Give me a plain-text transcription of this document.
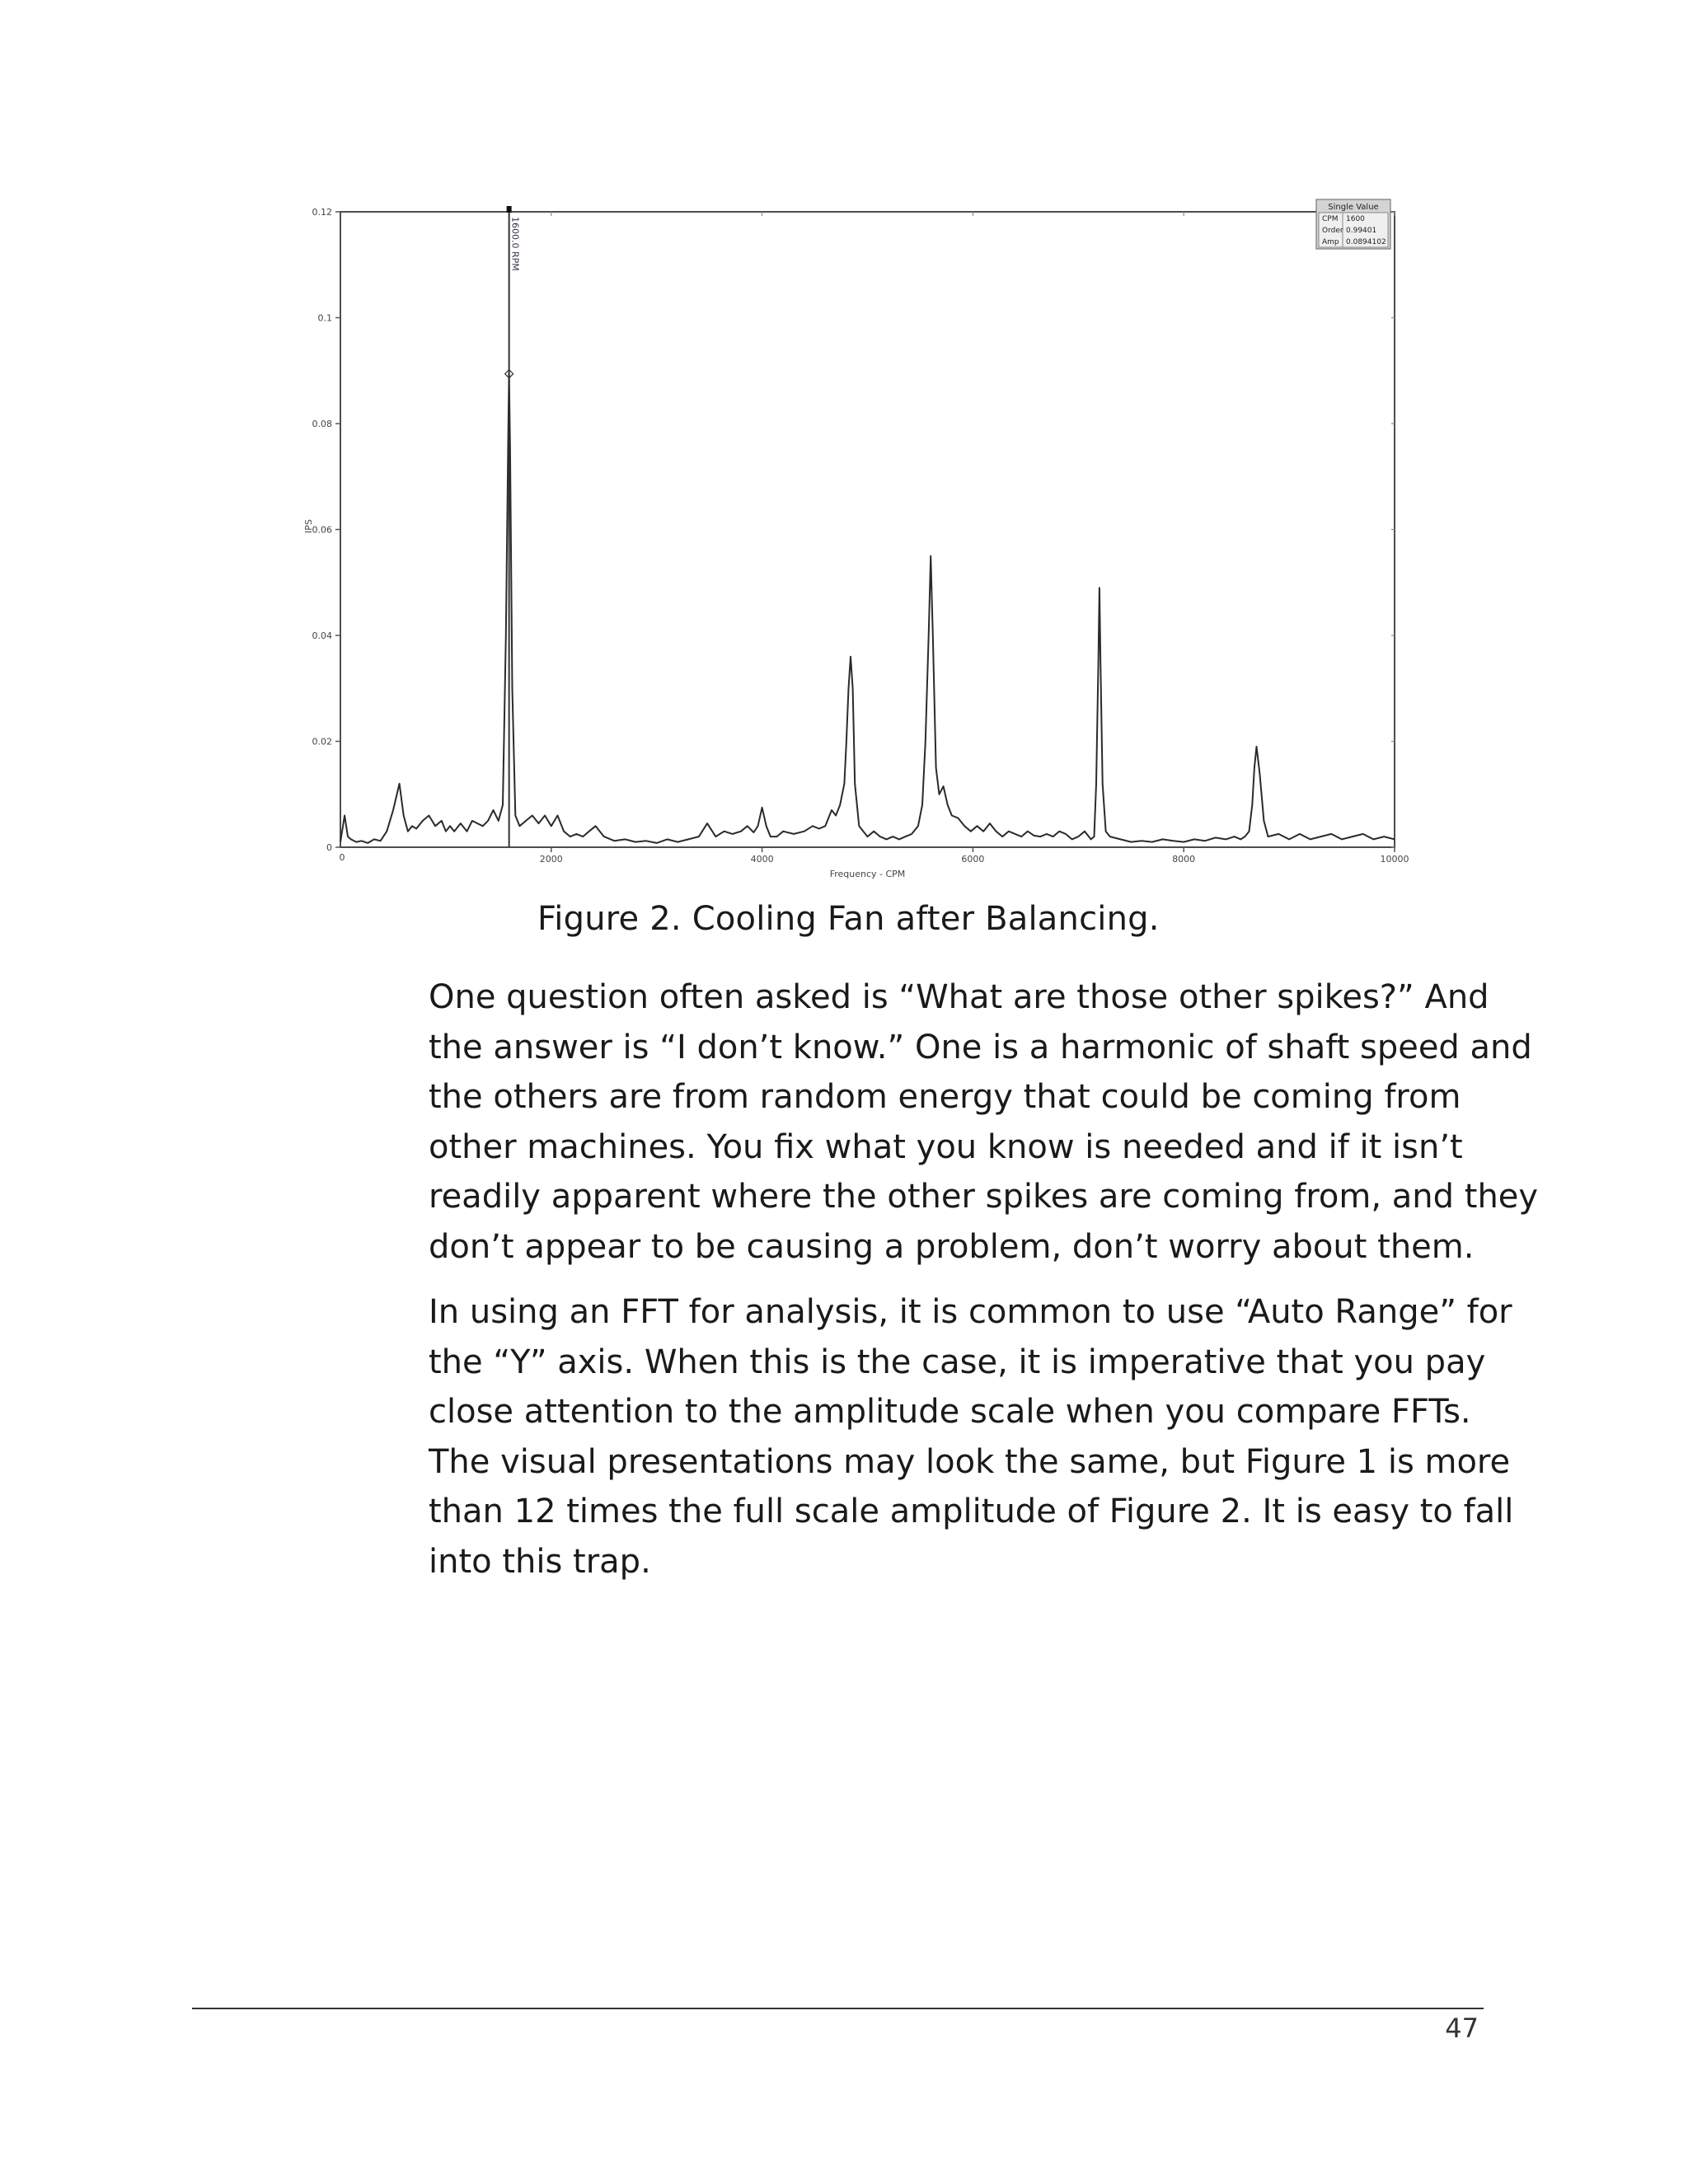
0
0.02
0.04
0.06
0.08
0.1
0.12
0	2000	4000	6000	8000	10000
Frequency - CPM
IPS
1600.0 RPM
Single Value
CPM 1600
Order 0.99401
Amp 0.0894102
Figure 2. Cooling Fan after Balancing.

One question often asked is “What are those other spikes?” And
the answer is “I don’t know.” One is a harmonic of shaft speed and
the others are from random energy that could be coming from
other machines. You fix what you know is needed and if it isn’t
readily apparent where the other spikes are coming from, and they
don’t appear to be causing a problem, don’t worry about them.

In using an FFT for analysis, it is common to use “Auto Range” for
the “Y” axis. When this is the case, it is imperative that you pay
close attention to the amplitude scale when you compare FFTs.
The visual presentations may look the same, but Figure 1 is more
than 12 times the full scale amplitude of Figure 2. It is easy to fall
into this trap.

47
